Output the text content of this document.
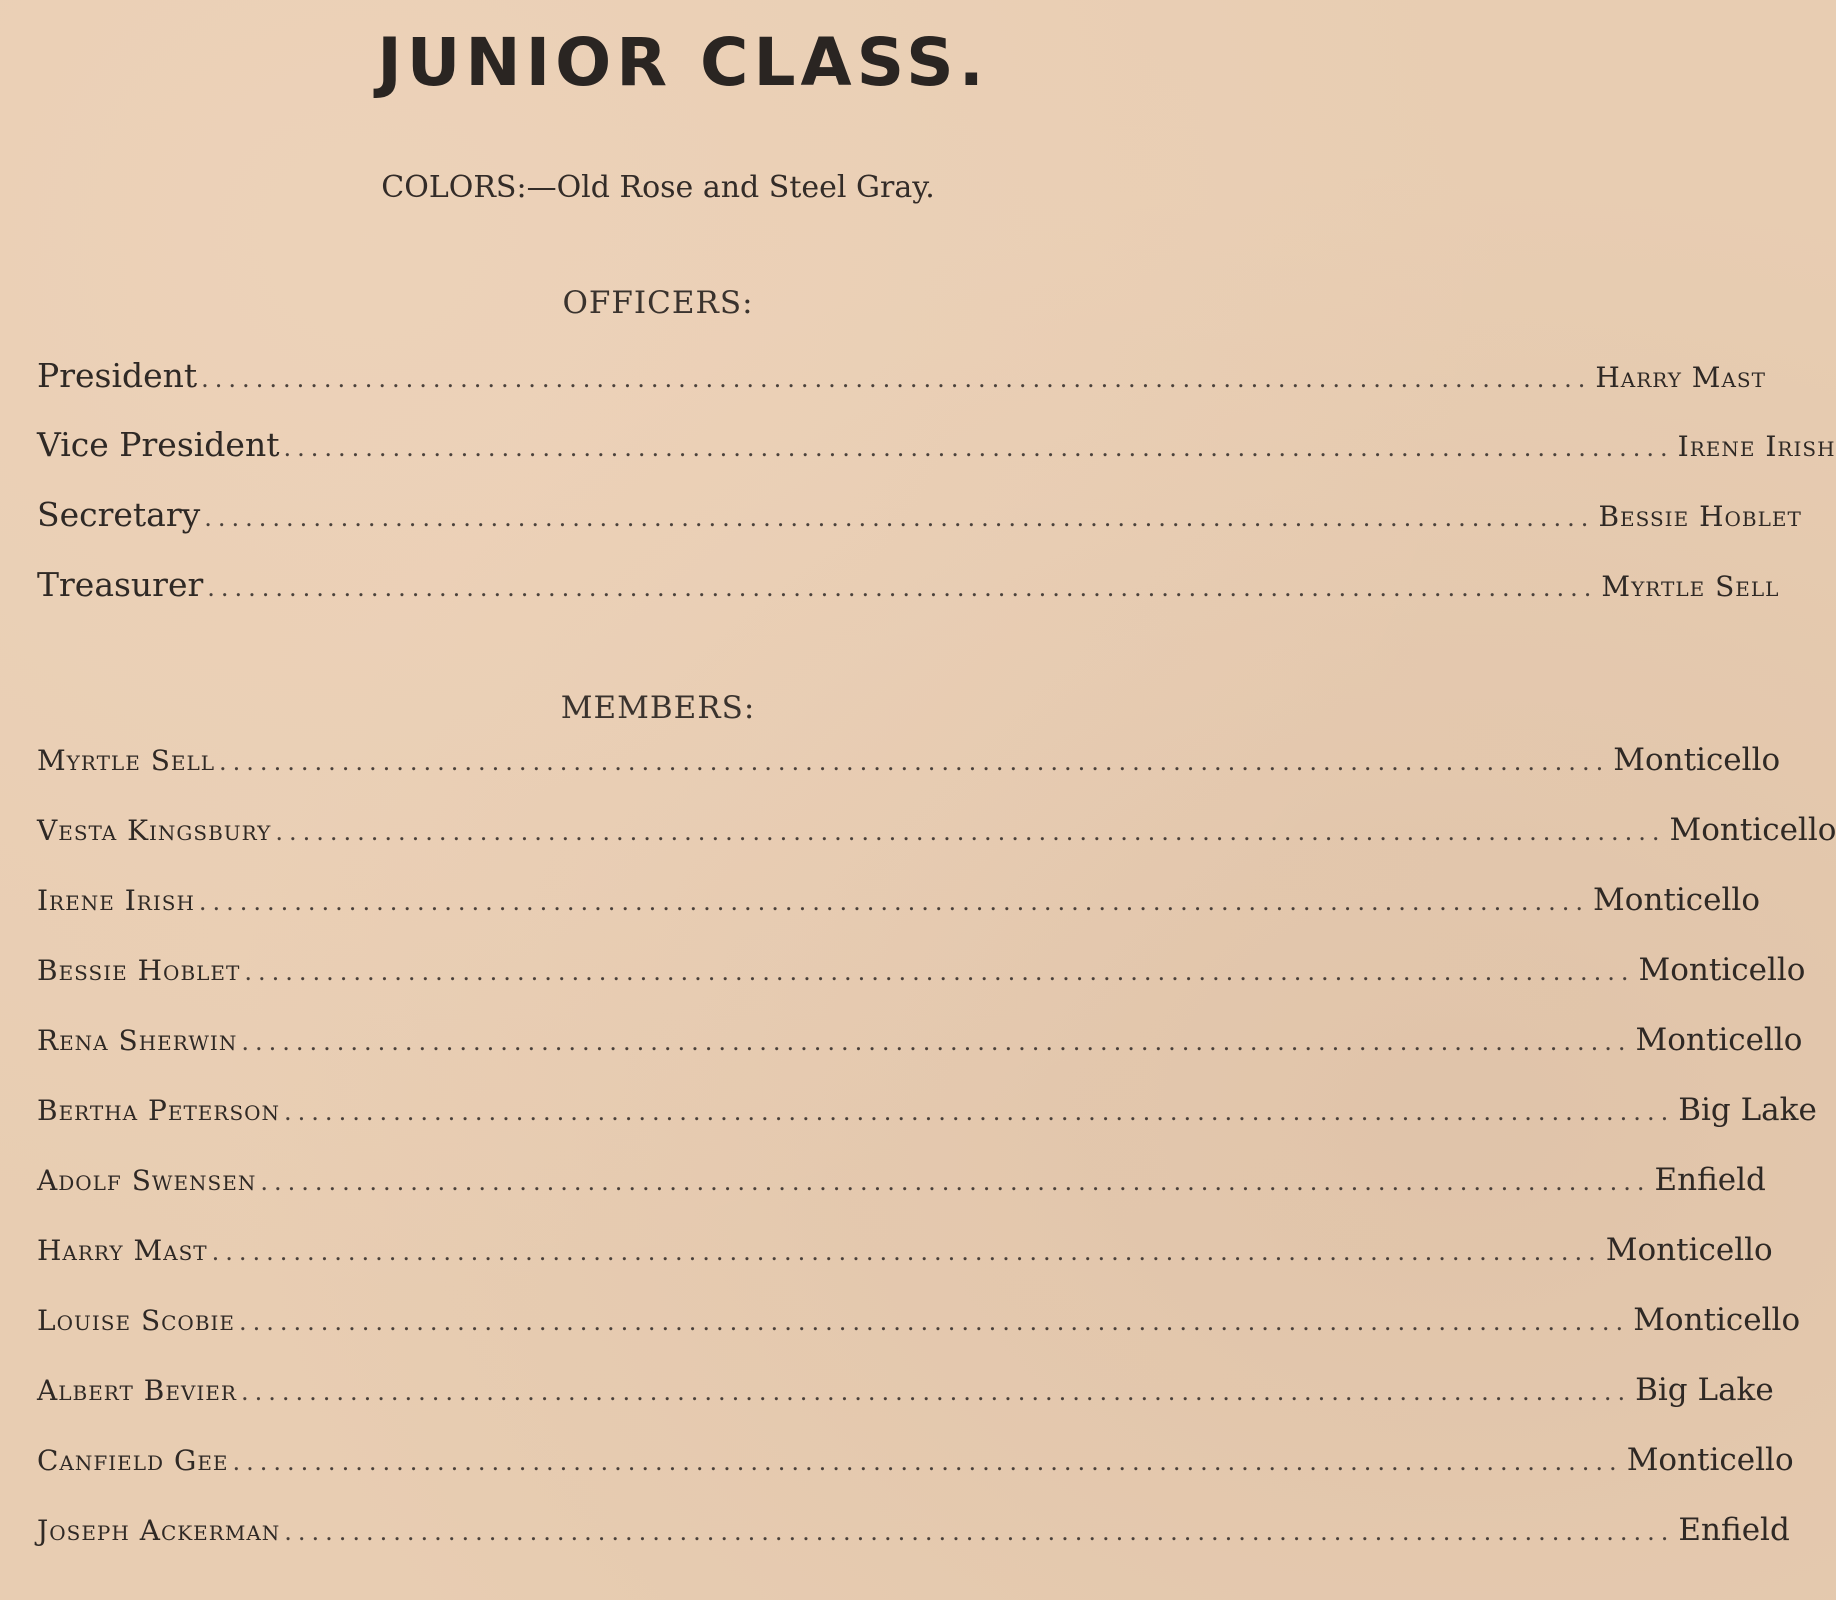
JUNIOR CLASS.
COLORS:—Old Rose and Steel Gray.
OFFICERS:
President ...................................................................................................... Harry Mast
Vice President ...................................................................................................... Irene Irish
Secretary ...................................................................................................... Bessie Hoblet
Treasurer ...................................................................................................... Myrtle Sell
MEMBERS:
Myrtle Sell ...................................................................................................... Monticello
Vesta Kingsbury ...................................................................................................... Monticello
Irene Irish ...................................................................................................... Monticello
Bessie Hoblet ...................................................................................................... Monticello
Rena Sherwin ...................................................................................................... Monticello
Bertha Peterson ...................................................................................................... Big Lake
Adolf Swensen ...................................................................................................... Enfield
Harry Mast ...................................................................................................... Monticello
Louise Scobie ...................................................................................................... Monticello
Albert Bevier ...................................................................................................... Big Lake
Canfield Gee ...................................................................................................... Monticello
Joseph Ackerman ...................................................................................................... Enfield
